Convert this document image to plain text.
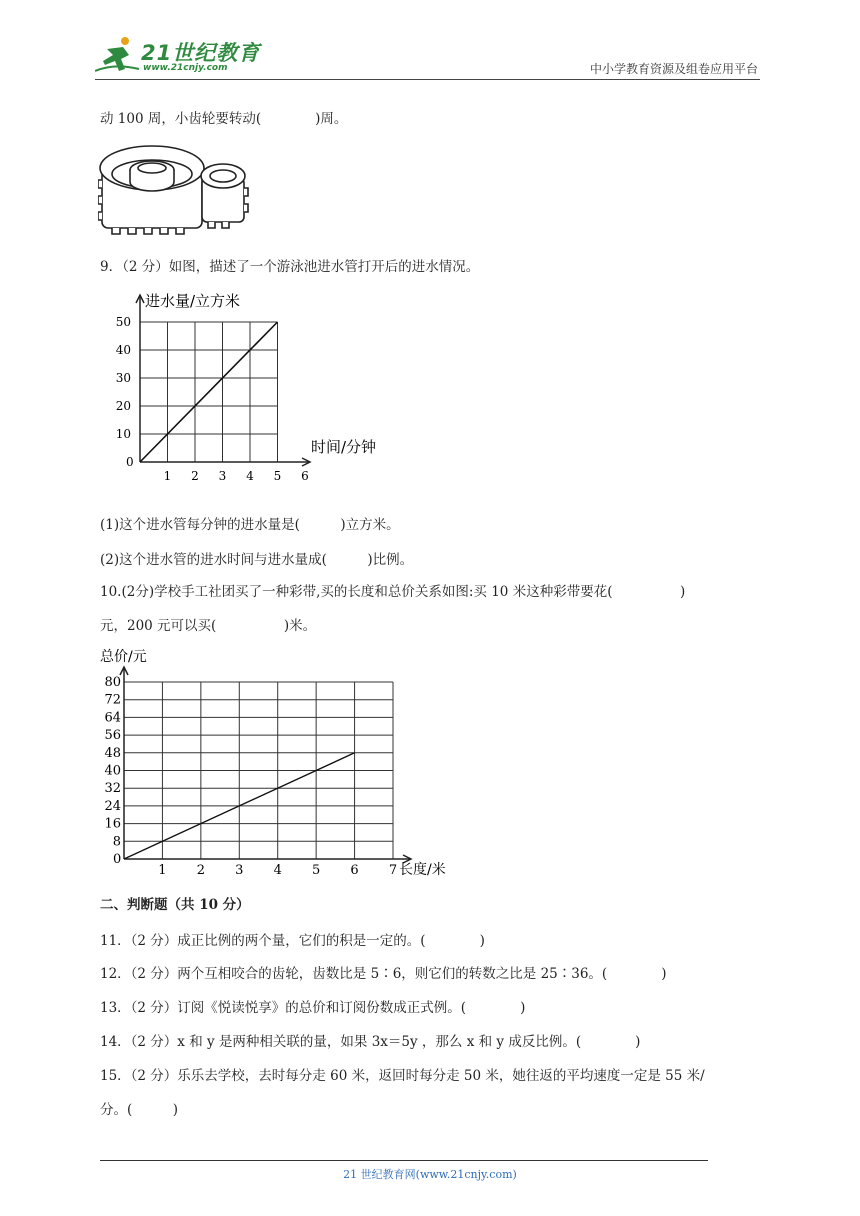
21世纪教育
www.21cnjy.com	中小学教育资源及组卷应用平台
动 100 周，小齿轮要转动(　　　　)周。
9．（2 分）如图，描述了一个游泳池进水管打开后的进水情况。
1 2 3 4 5 6
10
20
30
40
50
进水量/立方米
时间/分钟
0
(1)这个进水管每分钟的进水量是(　　　)立方米。
(2)这个进水管的进水时间与进水量成(　　　)比例。
10.(2分)学校手工社团买了一种彩带,买的长度和总价关系如图:买 10 米这种彩带要花(　　　　　)
元，200 元可以买(　　　　　)米。
1 2 3 4 5 6 7
8
16
24
32
40
48
56
64
72
80
总价/元
长度/米
0
二、判断题（共 10 分）
11．（2 分）成正比例的两个量，它们的积是一定的。(　　　　)
12．（2 分）两个互相咬合的齿轮，齿数比是 5∶6，则它们的转数之比是 25∶36。(　　　　)
13．（2 分）订阅《悦读悦享》的总价和订阅份数成正式例。(　　　　)
14．（2 分）x 和 y 是两种相关联的量，如果 3x＝5y ，那么 x 和 y 成反比例。(　　　　)
15．（2 分）乐乐去学校，去时每分走 60 米，返回时每分走 50 米，她往返的平均速度一定是 55 米/
分。(　　　)
21 世纪教育网(www.21cnjy.com)
